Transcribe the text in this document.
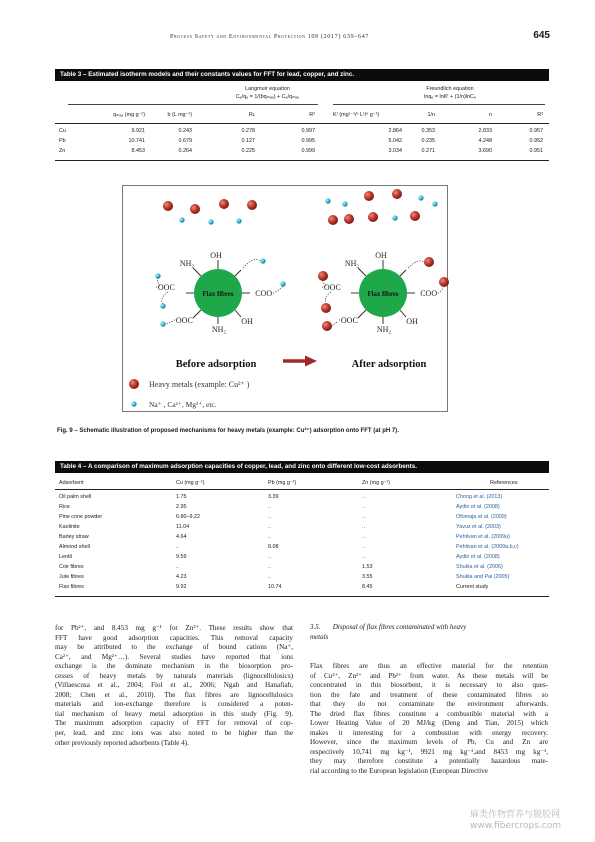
Process Safety and Environmental Protection 109 (2017) 639–647	645
Table 3 – Estimated isotherm models and their constants values for FFT for lead, copper, and zinc.
Langmuir equation
Cₑ/qₑ = 1/(bqₘₐₓ) + Cₑ/qₘₐₓ
Freundlich equation
lnqₑ = lnKᶠ + (1/n)lnCₑ
qₘₐₓ (mg g⁻¹)	b (L mg⁻¹)	Rʟ	R²	Kᶠ (mg¹⁻¹/ⁿ L¹/ⁿ g⁻¹)	1/n	n	R²
Cu	9.921	0.243	0.278	0.997	2.864	0.353	2.833	0.957
Pb	10.741	0.679	0.127	0.995	5.042	0.235	4.248	0.952
Zn	8.453	0.264	0.225	0.999	3.034	0.271	3.690	0.951
Flax fibres
OH
NH₂
·OOC
COO·
·OOC
NH₂
OH
Flax fibres
OH
NH₂
·OOC
COO·
·OOC
NH₂
OH
Before adsorption	After adsorption
Heavy metals (example: Cu²⁺ )
Na⁺ , Ca²⁺, Mg²⁺, etc.
Fig. 9 – Schematic illustration of proposed mechanisms for heavy metals (example: Cu²⁺) adsorption onto FFT (at pH 7).
Table 4 – A comparison of maximum adsorption capacities of copper, lead, and zinc onto different low-cost adsorbents.
Adsorbent	Cu (mg g⁻¹)	Pb (mg g⁻¹)	Zn (mg g⁻¹)	References
Oil palm shell	1.75	3.39	..	Chong et al. (2013)
Rice	2.95	..	..	Aydin et al. (2008)
Pine cone powder	6.80–9.22	..	..	Ofomaja et al. (2009)
Kaolinite	11.04	..	..	Yavuz et al. (2003)
Barley straw	4.64	..	..	Pehlivan et al. (2009a)
Almond shell	..	8.08	..	Pehlivan et al. (2009a,b,c)
Lentil	9.59	..	..	Aydin et al. (2008)
Coir fibres	..	..	1.53	Shukla et al. (2006)
Jute fibres	4.23	..	3.55	Shukla and Pai (2005)
Flax fibres	9.92	10.74	8.45	Current study
for Pb²⁺, and 8.453 mg g⁻¹ for Zn²⁺. These results show that
FFT have good adsorption capacities. This removal capacity
may be attributed to the exchange of bound cations (Na⁺,
Ca²⁺, and Mg²⁺…). Several studies have reported that ions
exchange is the dominate mechanism in the biosorption pro-
cesses of heavy metals by naturals materials (lignocellulosics)
(Villaescusa et al., 2004; Fiol et al., 2006; Ngah and Hanafiah,
2008; Chen et al., 2010). The flax fibres are lignocellulosics
materials and ion-exchange therefore is considered a poten-
tial mechanism of heavy metal adsorption in this study (Fig. 9).
The maximum adsorption capacity of FFT for removal of cop-
per, lead, and zinc ions was also noted to be higher than the
other previously reported adsorbents (Table 4).
3.5. Disposal of flax fibres contaminated with heavy
metals
Flax fibres are thus an effective material for the retention
of Cu²⁺, Zn²⁺ and Pb²⁺ from water. As these metals will be
concentrated in this biosorbent, it is necessary to also ques-
tion the fate and treatment of these contaminated fibres so
that they do not contaminate the environment afterwards.
The dried flax fibres constitute a combustible material with a
Lower Heating Value of 20 MJ/kg (Deng and Tian, 2015) which
makes it interesting for a combustion with energy recovery.
However, since the maximum levels of Pb, Cu and Zn are
respectively 10,741 mg kg⁻¹, 9921 mg kg⁻¹,and 8453 mg kg⁻¹,
they may therefore constitute a potentially hazardous mate-
rial according to the European legislation (European Directive
麻类作物营养与脱胶网
www.fibercrops.com
